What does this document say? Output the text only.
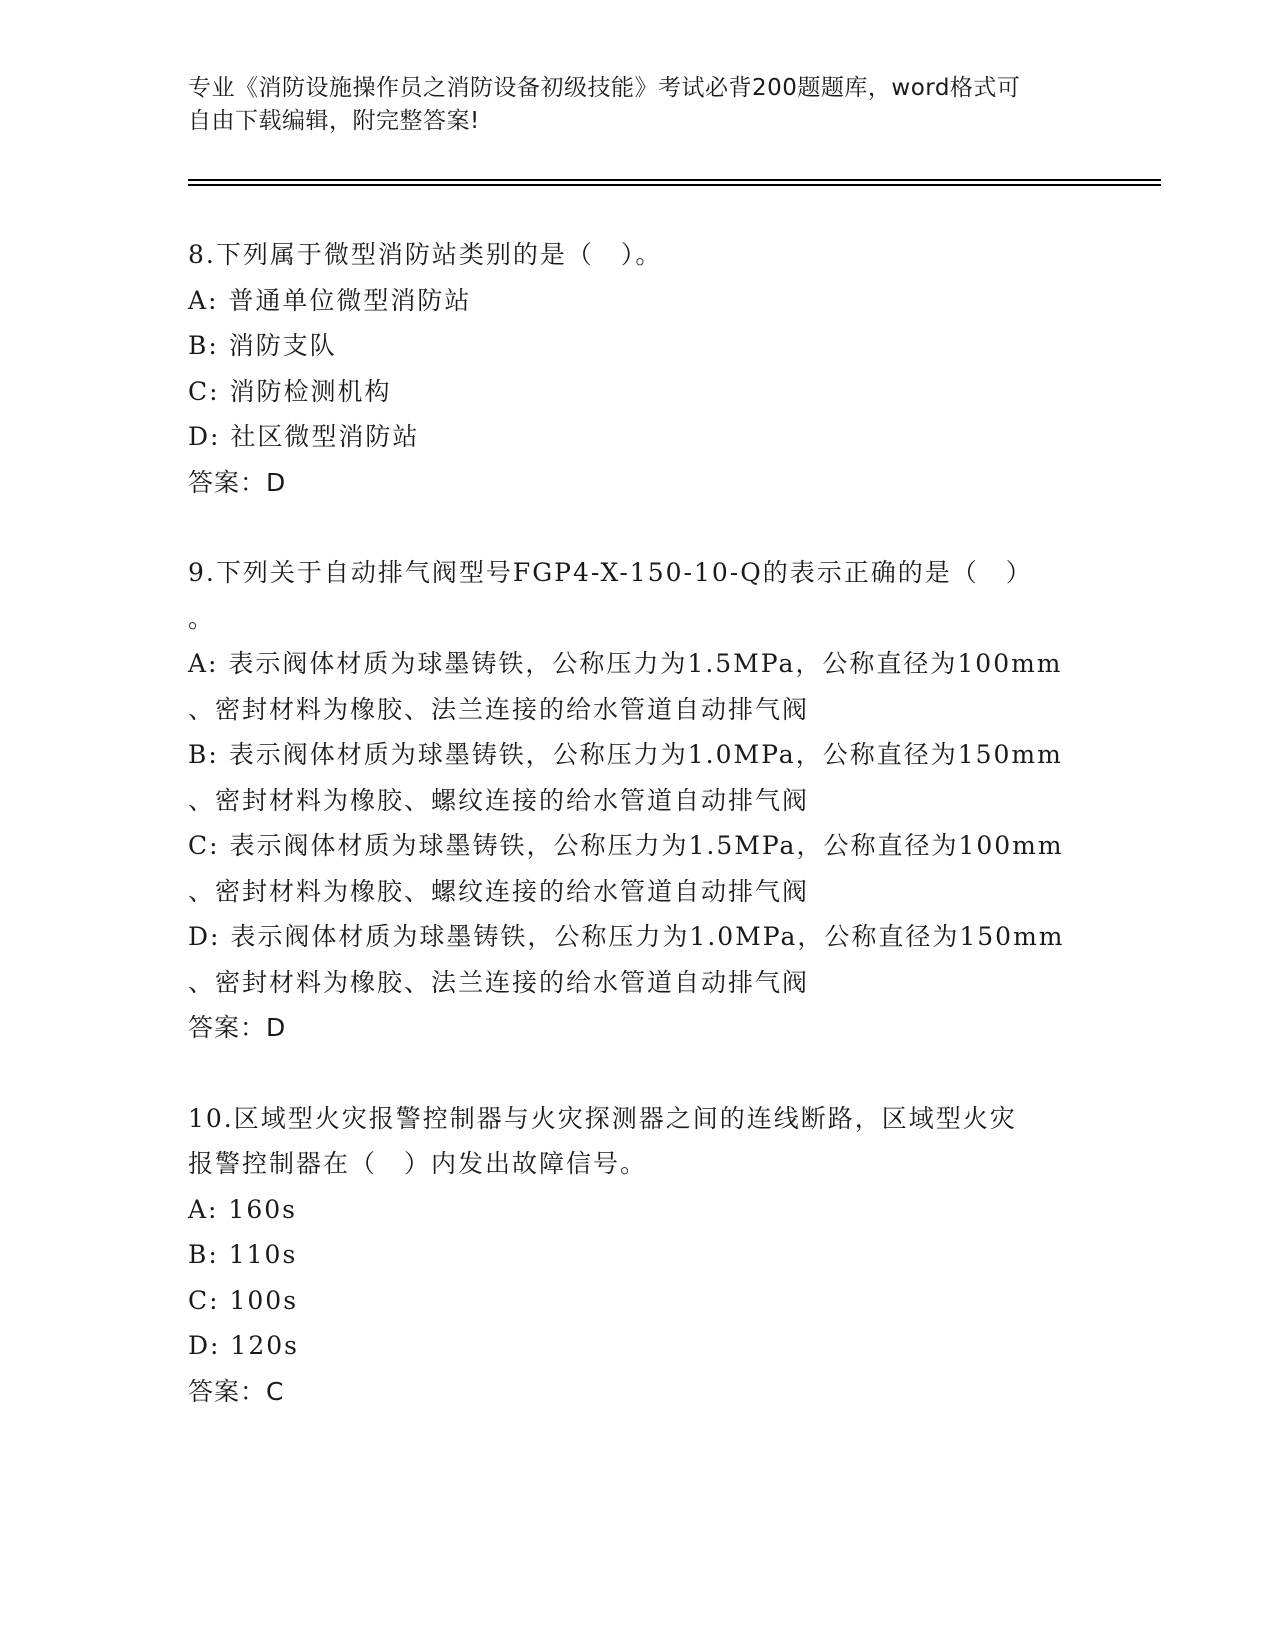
专业《消防设施操作员之消防设备初级技能》考试必背200题题库，word格式可
自由下载编辑，附完整答案!
8.下列属于微型消防站类别的是（　）。
A: 普通单位微型消防站
B: 消防支队
C: 消防检测机构
D: 社区微型消防站
答案：D
9.下列关于自动排气阀型号FGP4-X-150-10-Q的表示正确的是（　）
。
A: 表示阀体材质为球墨铸铁，公称压力为1.5MPa，公称直径为100mm
、密封材料为橡胶、法兰连接的给水管道自动排气阀
B: 表示阀体材质为球墨铸铁，公称压力为1.0MPa，公称直径为150mm
、密封材料为橡胶、螺纹连接的给水管道自动排气阀
C: 表示阀体材质为球墨铸铁，公称压力为1.5MPa，公称直径为100mm
、密封材料为橡胶、螺纹连接的给水管道自动排气阀
D: 表示阀体材质为球墨铸铁，公称压力为1.0MPa，公称直径为150mm
、密封材料为橡胶、法兰连接的给水管道自动排气阀
答案：D
10.区域型火灾报警控制器与火灾探测器之间的连线断路，区域型火灾
报警控制器在（　）内发出故障信号。
A: 160s
B: 110s
C: 100s
D: 120s
答案：C
